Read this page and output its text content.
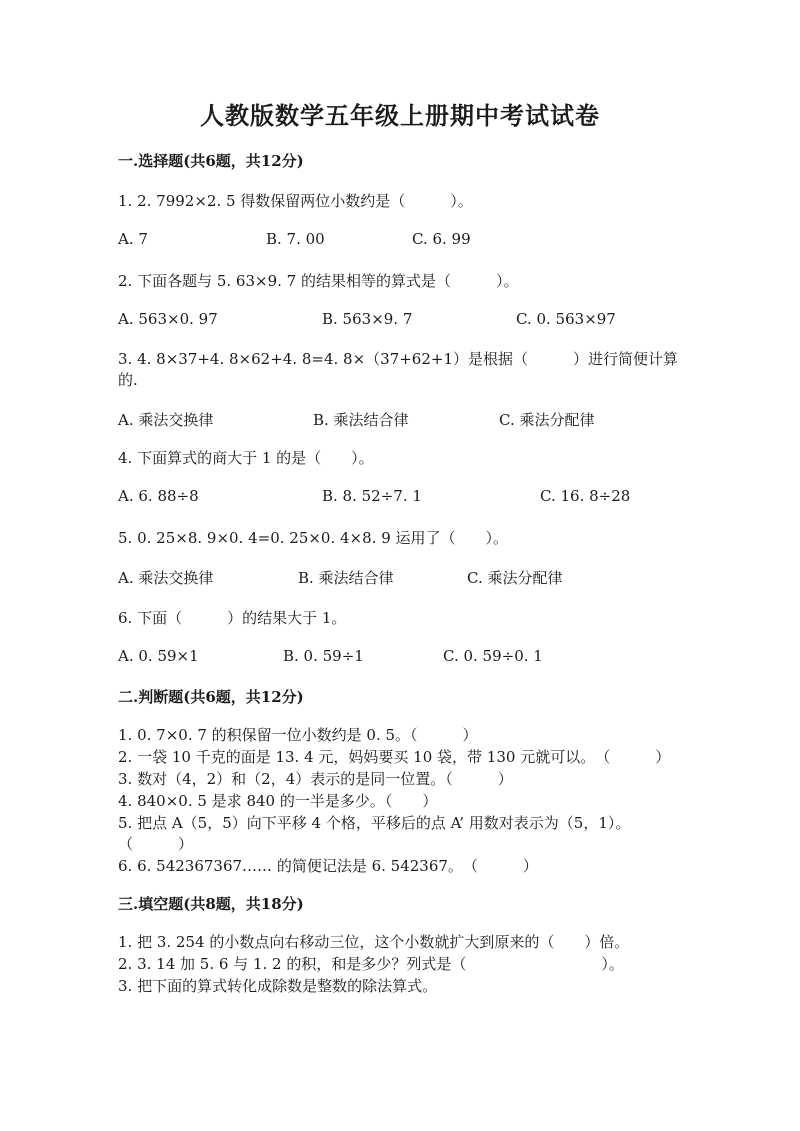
人教版数学五年级上册期中考试试卷
一.选择题(共6题，共12分)
1. 2. 7992×2. 5 得数保留两位小数约是（　　　）。
A. 7	B. 7. 00	C. 6. 99
2. 下面各题与 5. 63×9. 7 的结果相等的算式是（　　　）。
A. 563×0. 97	B. 563×9. 7	C. 0. 563×97
3. 4. 8×37+4. 8×62+4. 8=4. 8×（37+62+1）是根据（　　　）进行简便计算
的.
A. 乘法交换律	B. 乘法结合律	C. 乘法分配律
4. 下面算式的商大于 1 的是（　　）。
A. 6. 88÷8	B. 8. 52÷7. 1	C. 16. 8÷28
5. 0. 25×8. 9×0. 4=0. 25×0. 4×8. 9 运用了（　　）。
A. 乘法交换律	B. 乘法结合律	C. 乘法分配律
6. 下面（　　　）的结果大于 1。
A. 0. 59×1	B. 0. 59÷1	C. 0. 59÷0. 1
二.判断题(共6题，共12分)
1. 0. 7×0. 7 的积保留一位小数约是 0. 5。（　　　）
2. 一袋 10 千克的面是 13. 4 元，妈妈要买 10 袋，带 130 元就可以。　（　　　）
3. 数对（4，2）和（2，4）表示的是同一位置。（　　　）
4. 840×0. 5 是求 840 的一半是多少。（　　）
5. 把点 A（5，5）向下平移 4 个格，平移后的点 A’ 用数对表示为（5，1）。
（　　　）
6. 6. 542367367…… 的简便记法是 6. 542367。　（　　　）
三.填空题(共8题，共18分)
1. 把 3. 254 的小数点向右移动三位，这个小数就扩大到原来的（　　）倍。
2. 3. 14 加 5. 6 与 1. 2 的积，和是多少？列式是（　　　　　　　　　）。
3. 把下面的算式转化成除数是整数的除法算式。
